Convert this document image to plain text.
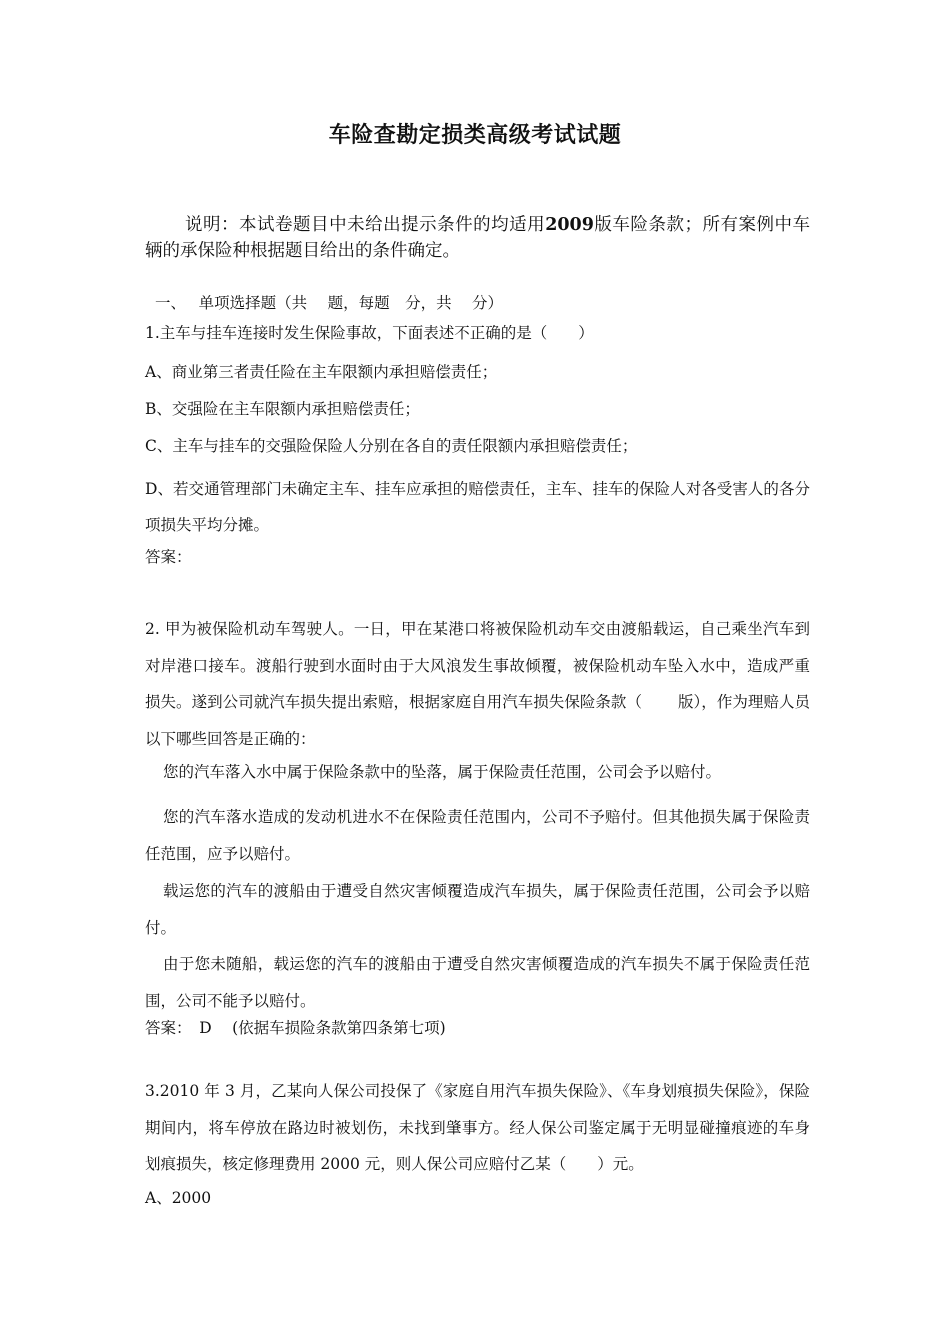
车险查勘定损类高级考试试题
说明：本试卷题目中未给出提示条件的均适用2009版车险条款；所有案例中车辆的承保险种根据题目给出的条件确定。
一、　 单项选择题（共　 题，每题　分，共　 分）
1.主车与挂车连接时发生保险事故，下面表述不正确的是（　　）
A、商业第三者责任险在主车限额内承担赔偿责任；
B、交强险在主车限额内承担赔偿责任；
C、主车与挂车的交强险保险人分别在各自的责任限额内承担赔偿责任；
D、若交通管理部门未确定主车、挂车应承担的赔偿责任，主车、挂车的保险人对各受害人的各分项损失平均分摊。
答案：
2. 甲为被保险机动车驾驶人。一日，甲在某港口将被保险机动车交由渡船载运，自己乘坐汽车到对岸港口接车。渡船行驶到水面时由于大风浪发生事故倾覆，被保险机动车坠入水中，造成严重损失。遂到公司就汽车损失提出索赔，根据家庭自用汽车损失保险条款（　　 版），作为理赔人员以下哪些回答是正确的：
您的汽车落入水中属于保险条款中的坠落，属于保险责任范围，公司会予以赔付。
您的汽车落水造成的发动机进水不在保险责任范围内，公司不予赔付。但其他损失属于保险责任范围，应予以赔付。
载运您的汽车的渡船由于遭受自然灾害倾覆造成汽车损失，属于保险责任范围，公司会予以赔付。
由于您未随船，载运您的汽车的渡船由于遭受自然灾害倾覆造成的汽车损失不属于保险责任范围，公司不能予以赔付。
答案：　D　 (依据车损险条款第四条第七项)
3.2010 年 3 月，乙某向人保公司投保了《家庭自用汽车损失保险》、《车身划痕损失保险》，保险期间内，将车停放在路边时被划伤，未找到肇事方。经人保公司鉴定属于无明显碰撞痕迹的车身划痕损失，核定修理费用 2000 元，则人保公司应赔付乙某（　　）元。
A、2000
